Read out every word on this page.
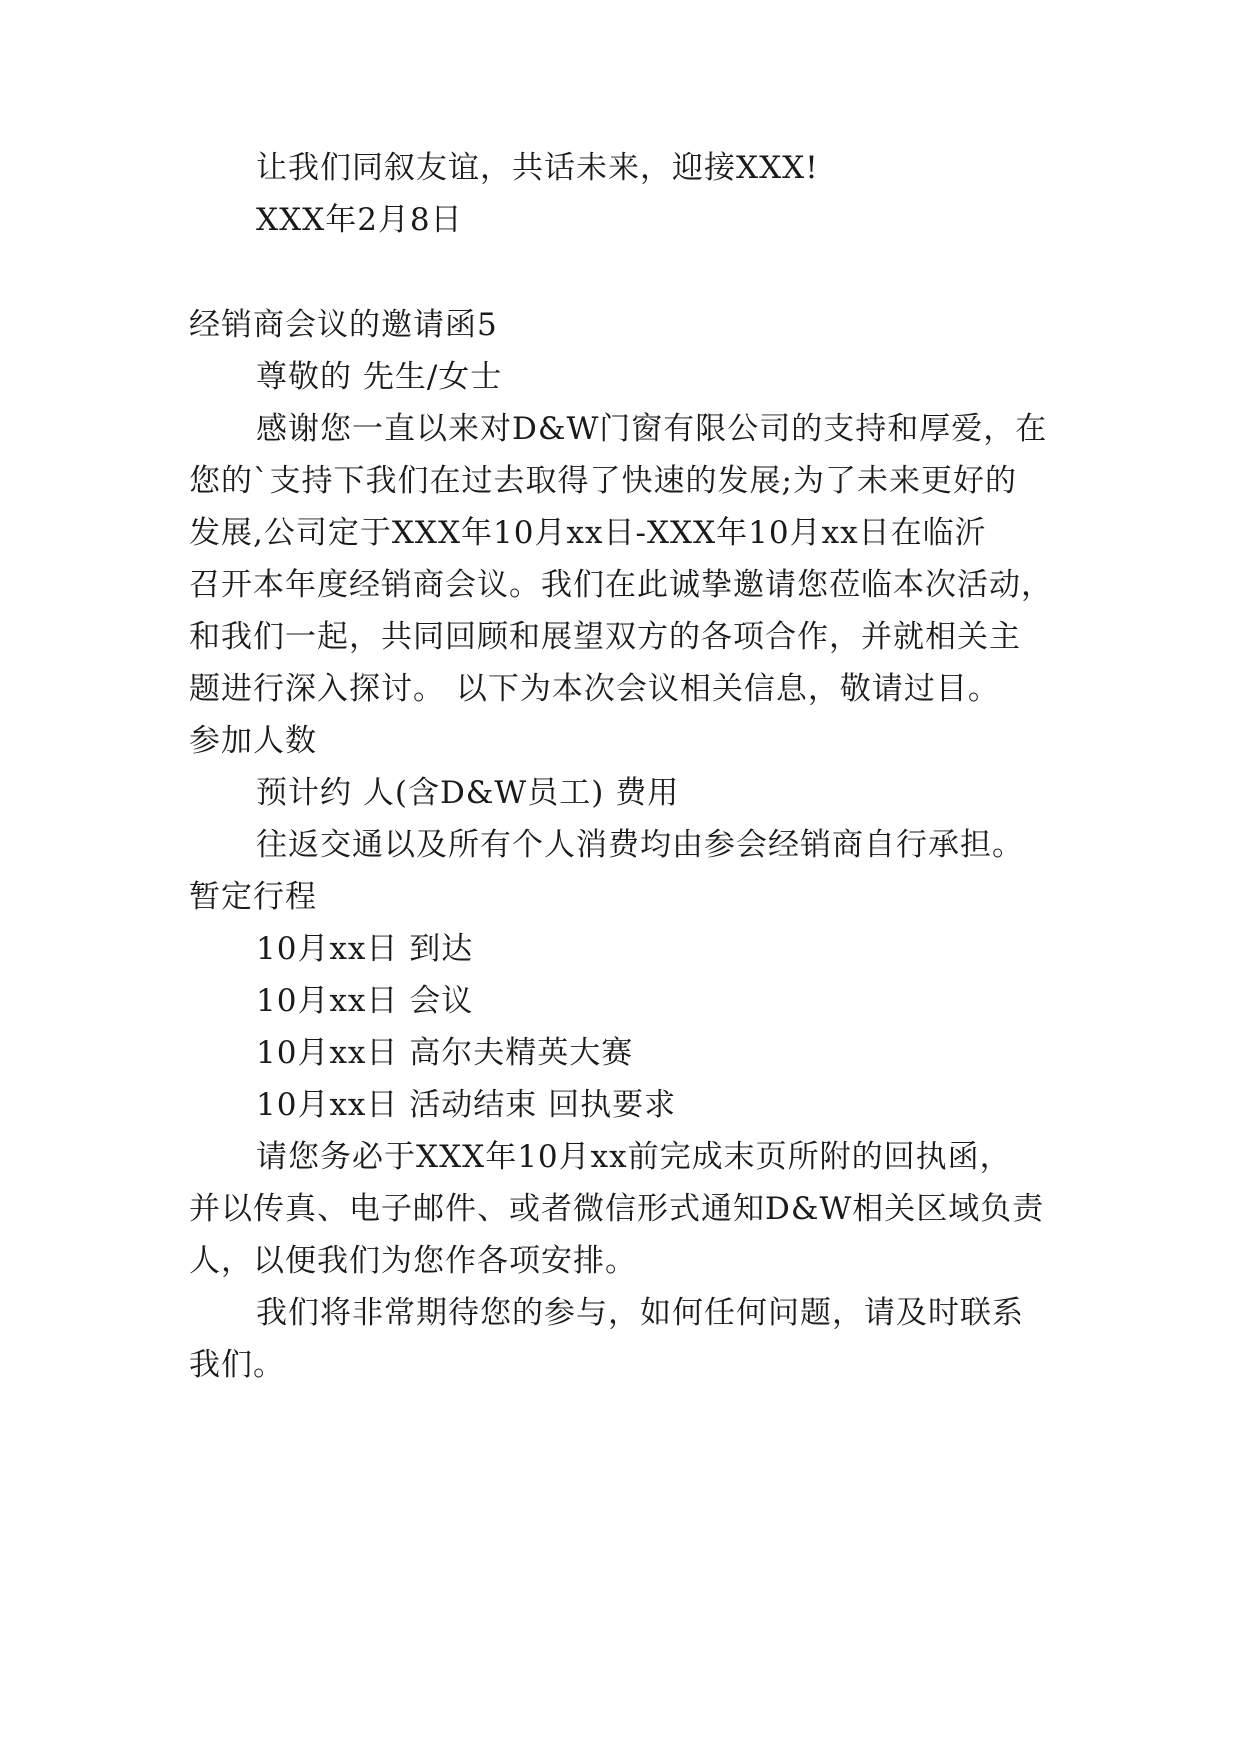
让我们同叙友谊，共话未来，迎接XXX!
XXX年2月8日
经销商会议的邀请函5
尊敬的 先生/女士
感谢您一直以来对D&W门窗有限公司的支持和厚爱，在
您的`支持下我们在过去取得了快速的发展;为了未来更好的
发展,公司定于XXX年10月xx日-XXX年10月xx日在临沂
召开本年度经销商会议。我们在此诚挚邀请您莅临本次活动，
和我们一起，共同回顾和展望双方的各项合作，并就相关主
题进行深入探讨。 以下为本次会议相关信息，敬请过目。
参加人数
预计约 人(含D&W员工) 费用
往返交通以及所有个人消费均由参会经销商自行承担。
暂定行程
10月xx日 到达
10月xx日 会议
10月xx日 高尔夫精英大赛
10月xx日 活动结束 回执要求
请您务必于XXX年10月xx前完成末页所附的回执函，
并以传真、电子邮件、或者微信形式通知D&W相关区域负责
人，以便我们为您作各项安排。
我们将非常期待您的参与，如何任何问题，请及时联系
我们。
